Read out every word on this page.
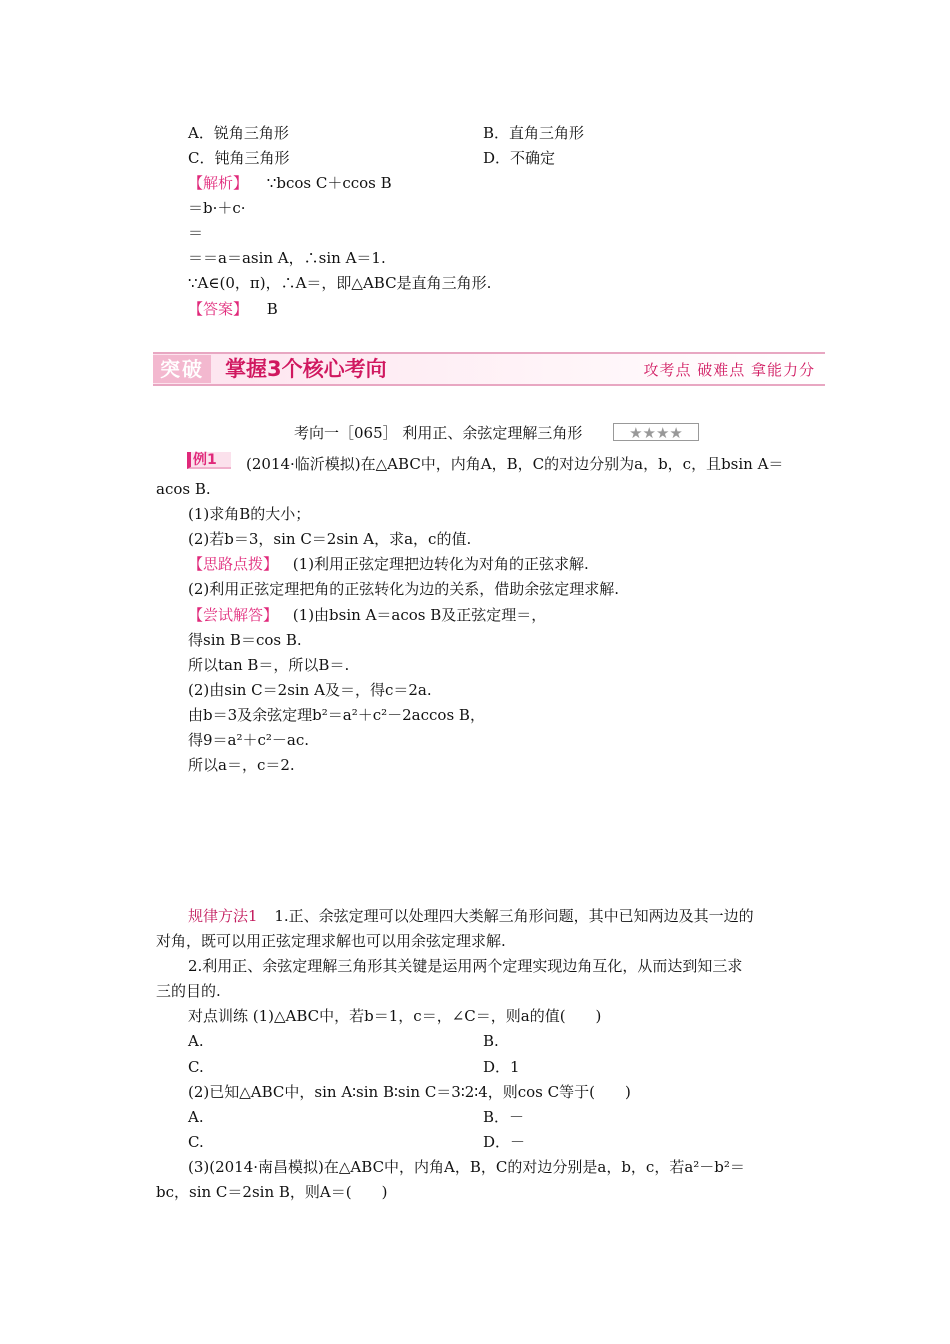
A．锐角三角形	B．直角三角形
C．钝角三角形	D．不确定
【解析】 ∵bcos C＋ccos B
＝b·＋c·
＝
＝＝a＝asin A，∴sin A＝1.
∵A∈(0，π)，∴A＝，即△ABC是直角三角形.
【答案】 B
突破	掌握3个核心考向	攻考点 破难点 拿能力分
考向一［065］ 利用正、余弦定理解三角形	★★★★
例1	(2014·临沂模拟)在△ABC中，内角A，B，C的对边分别为a，b，c，且bsin A＝
acos B.
(1)求角B的大小；
(2)若b＝3，sin C＝2sin A，求a，c的值.
【思路点拨】 (1)利用正弦定理把边转化为对角的正弦求解.
(2)利用正弦定理把角的正弦转化为边的关系，借助余弦定理求解.
【尝试解答】 (1)由bsin A＝acos B及正弦定理＝，
得sin B＝cos B.
所以tan B＝，所以B＝.
(2)由sin C＝2sin A及＝，得c＝2a.
由b＝3及余弦定理b²＝a²＋c²－2accos B，
得9＝a²＋c²－ac.
所以a＝，c＝2.
规律方法1 1.正、余弦定理可以处理四大类解三角形问题，其中已知两边及其一边的
对角，既可以用正弦定理求解也可以用余弦定理求解.
2.利用正、余弦定理解三角形其关键是运用两个定理实现边角互化，从而达到知三求
三的目的.
对点训练 (1)△ABC中，若b＝1，c＝，∠C＝，则a的值(　　)
A.	B.
C.	D．1
(2)已知△ABC中，sin A∶sin B∶sin C＝3∶2∶4，则cos C等于(　　)
A.	B．－
C.	D．－
(3)(2014·南昌模拟)在△ABC中，内角A，B，C的对边分别是a，b，c，若a²－b²＝
bc，sin C＝2sin B，则A＝(　　)
